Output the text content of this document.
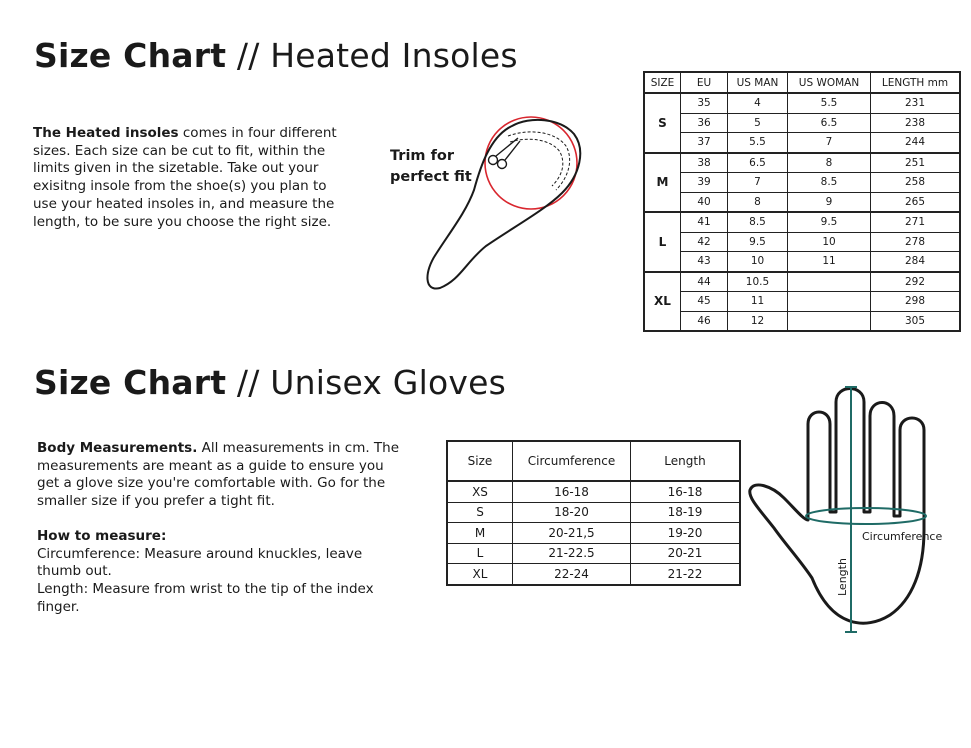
Size Chart // Heated Insoles

The Heated insoles comes in four different sizes. Each size can be cut to fit, within the limits given in the sizetable. Take out your exisitng insole from the shoe(s) you plan to use your heated insoles in, and measure the length, to be sure you choose the right size.

Trim for
perfect fit
SIZE	EU	US MAN	US WOMAN	LENGTH mm
S	35	4	5.5	231
	36	5	6.5	238
	37	5.5	7	244
M	38	6.5	8	251
	39	7	8.5	258
	40	8	9	265
L	41	8.5	9.5	271
	42	9.5	10	278
	43	10	11	284
XL	44	10.5		292
	45	11		298
	46	12		305
Size Chart // Unisex Gloves

Body Measurements. All measurements in cm. The measurements are meant as a guide to ensure you get a glove size you're comfortable with. Go for the smaller size if you prefer a tight fit.

How to measure:

Circumference: Measure around knuckles, leave thumb out.

Length: Measure from wrist to the tip of the index finger.

Size	Circumference	Length
XS	16-18	16-18
S	18-20	18-19
M	20-21,5	19-20
L	21-22.5	20-21
XL	22-24	21-22
Circumference
Length
